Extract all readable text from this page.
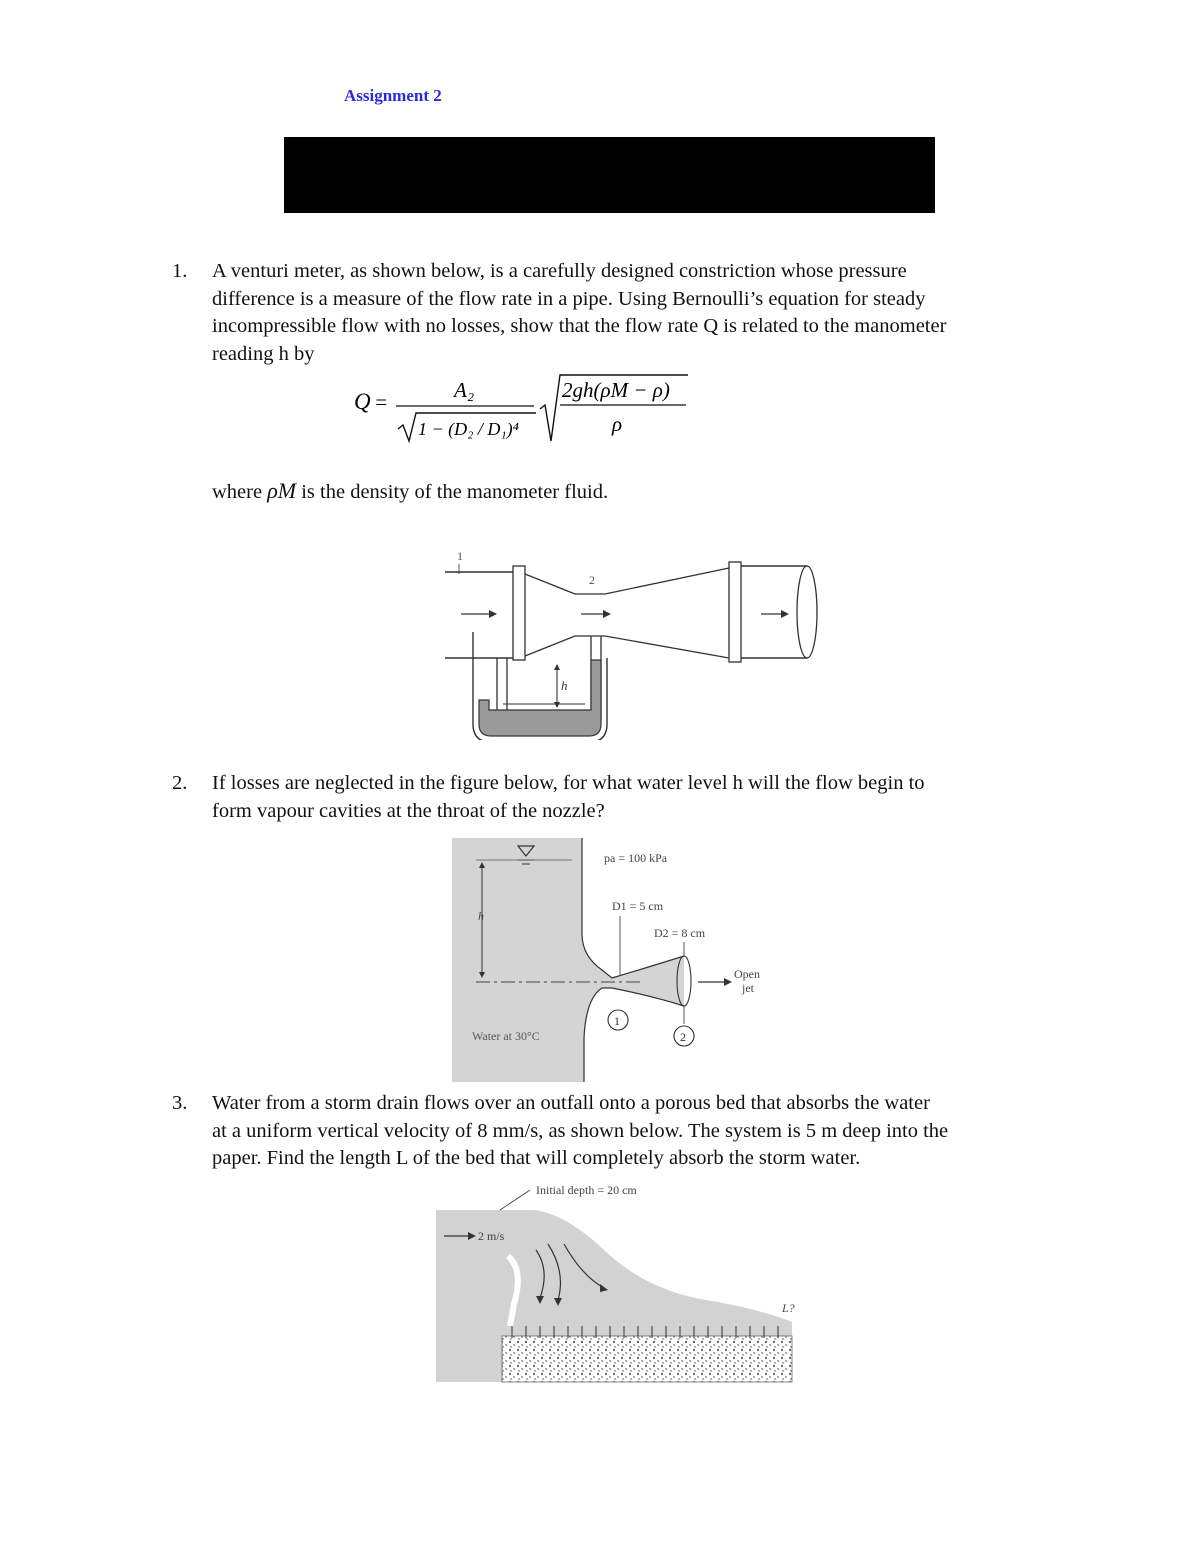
Assignment 2
1. A venturi meter, as shown below, is a carefully designed constriction whose pressure
difference is a measure of the flow rate in a pipe. Using Bernoulli’s equation for steady
incompressible flow with no losses, show that the flow rate Q is related to the manometer
reading h by
Q =	A₂
1 − (D₂ / D₁)⁴
2gh(ρM − ρ)
ρ
where ρM is the density of the manometer fluid.
1
2
h
2. If losses are neglected in the figure below, for what water level h will the flow begin to
form vapour cavities at the throat of the nozzle?
h
pa = 100 kPa
D1 = 5 cm
D2 = 8 cm
Open
jet
1
2
Water at 30°C
3. Water from a storm drain flows over an outfall onto a porous bed that absorbs the water
at a uniform vertical velocity of 8 mm/s, as shown below. The system is 5 m deep into the
paper. Find the length L of the bed that will completely absorb the storm water.
Initial depth = 20 cm
2 m/s
L?
